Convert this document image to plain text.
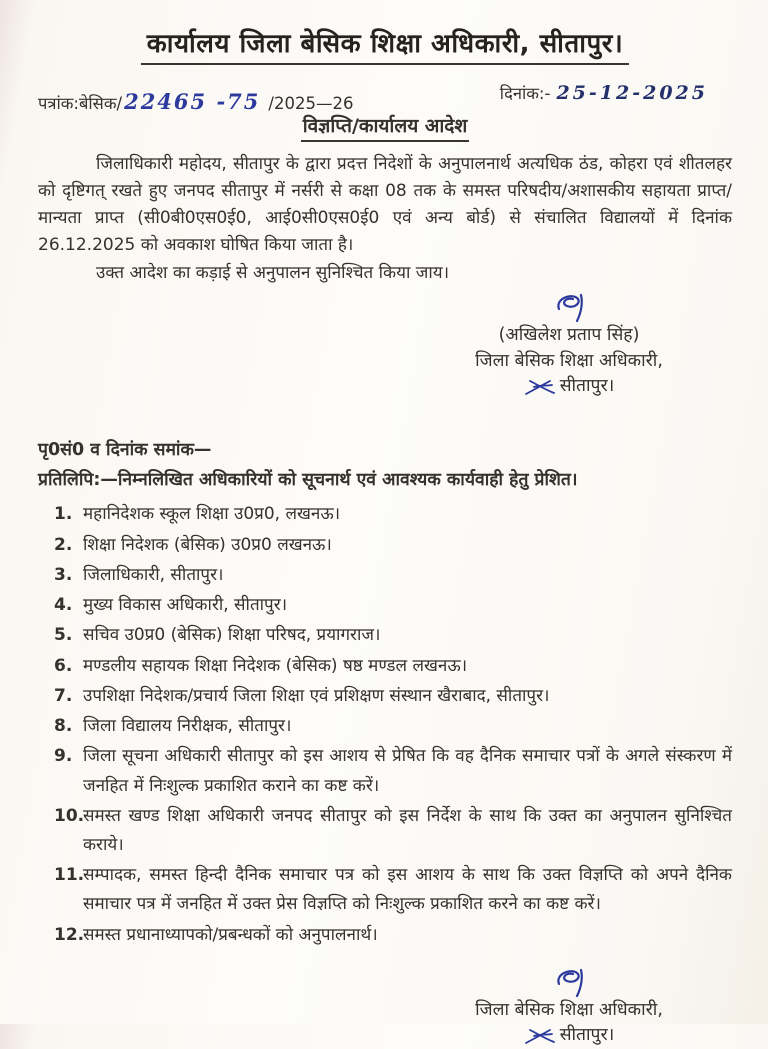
कार्यालय जिला बेसिक शिक्षा अधिकारी, सीतापुर।
पत्रांक:बेसिक/22465 -75 /2025—26
दिनांक:- 25-12-2025
विज्ञप्ति/कार्यालय आदेश

जिलाधिकारी महोदय, सीतापुर के द्वारा प्रदत्त निदेशों के अनुपालनार्थ अत्यधिक ठंड, कोहरा एवं शीतलहर को दृष्टिगत् रखते हुए जनपद सीतापुर में नर्सरी से कक्षा 08 तक के समस्त परिषदीय/अशासकीय सहायता प्राप्त/मान्यता प्राप्त (सी0बी0एस0ई0, आई0सी0एस0ई0 एवं अन्य बोर्ड) से संचालित विद्यालयों में दिनांक 26.12.2025 को अवकाश घोषित किया जाता है।

उक्त आदेश का कड़ाई से अनुपालन सुनिश्चित किया जाय।

(अखिलेश प्रताप सिंह)
जिला बेसिक शिक्षा अधिकारी,
सीतापुर।
पृ0सं0 व दिनांक समांक—
प्रतिलिपि:—निम्नलिखित अधिकारियों को सूचनार्थ एवं आवश्यक कार्यवाही हेतु प्रेशित।
महानिदेशक स्कूल शिक्षा उ0प्र0, लखनऊ।
शिक्षा निदेशक (बेसिक) उ0प्र0 लखनऊ।
जिलाधिकारी, सीतापुर।
मुख्य विकास अधिकारी, सीतापुर।
सचिव उ0प्र0 (बेसिक) शिक्षा परिषद, प्रयागराज।
मण्डलीय सहायक शिक्षा निदेशक (बेसिक) षष्ठ मण्डल लखनऊ।
उपशिक्षा निदेशक/प्रचार्य जिला शिक्षा एवं प्रशिक्षण संस्थान खैराबाद, सीतापुर।
जिला विद्यालय निरीक्षक, सीतापुर।
जिला सूचना अधिकारी सीतापुर को इस आशय से प्रेषित कि वह दैनिक समाचार पत्रों के अगले संस्करण में जनहित में निःशुल्क प्रकाशित कराने का कष्ट करें।
समस्त खण्ड शिक्षा अधिकारी जनपद सीतापुर को इस निर्देश के साथ कि उक्त का अनुपालन सुनिश्चित कराये।
सम्पादक, समस्त हिन्दी दैनिक समाचार पत्र को इस आशय के साथ कि उक्त विज्ञप्ति को अपने दैनिक समाचार पत्र में जनहित में उक्त प्रेस विज्ञप्ति को निःशुल्क प्रकाशित करने का कष्ट करें।
समस्त प्रधानाध्यापको/प्रबन्धकों को अनुपालनार्थ।
जिला बेसिक शिक्षा अधिकारी,
सीतापुर।
